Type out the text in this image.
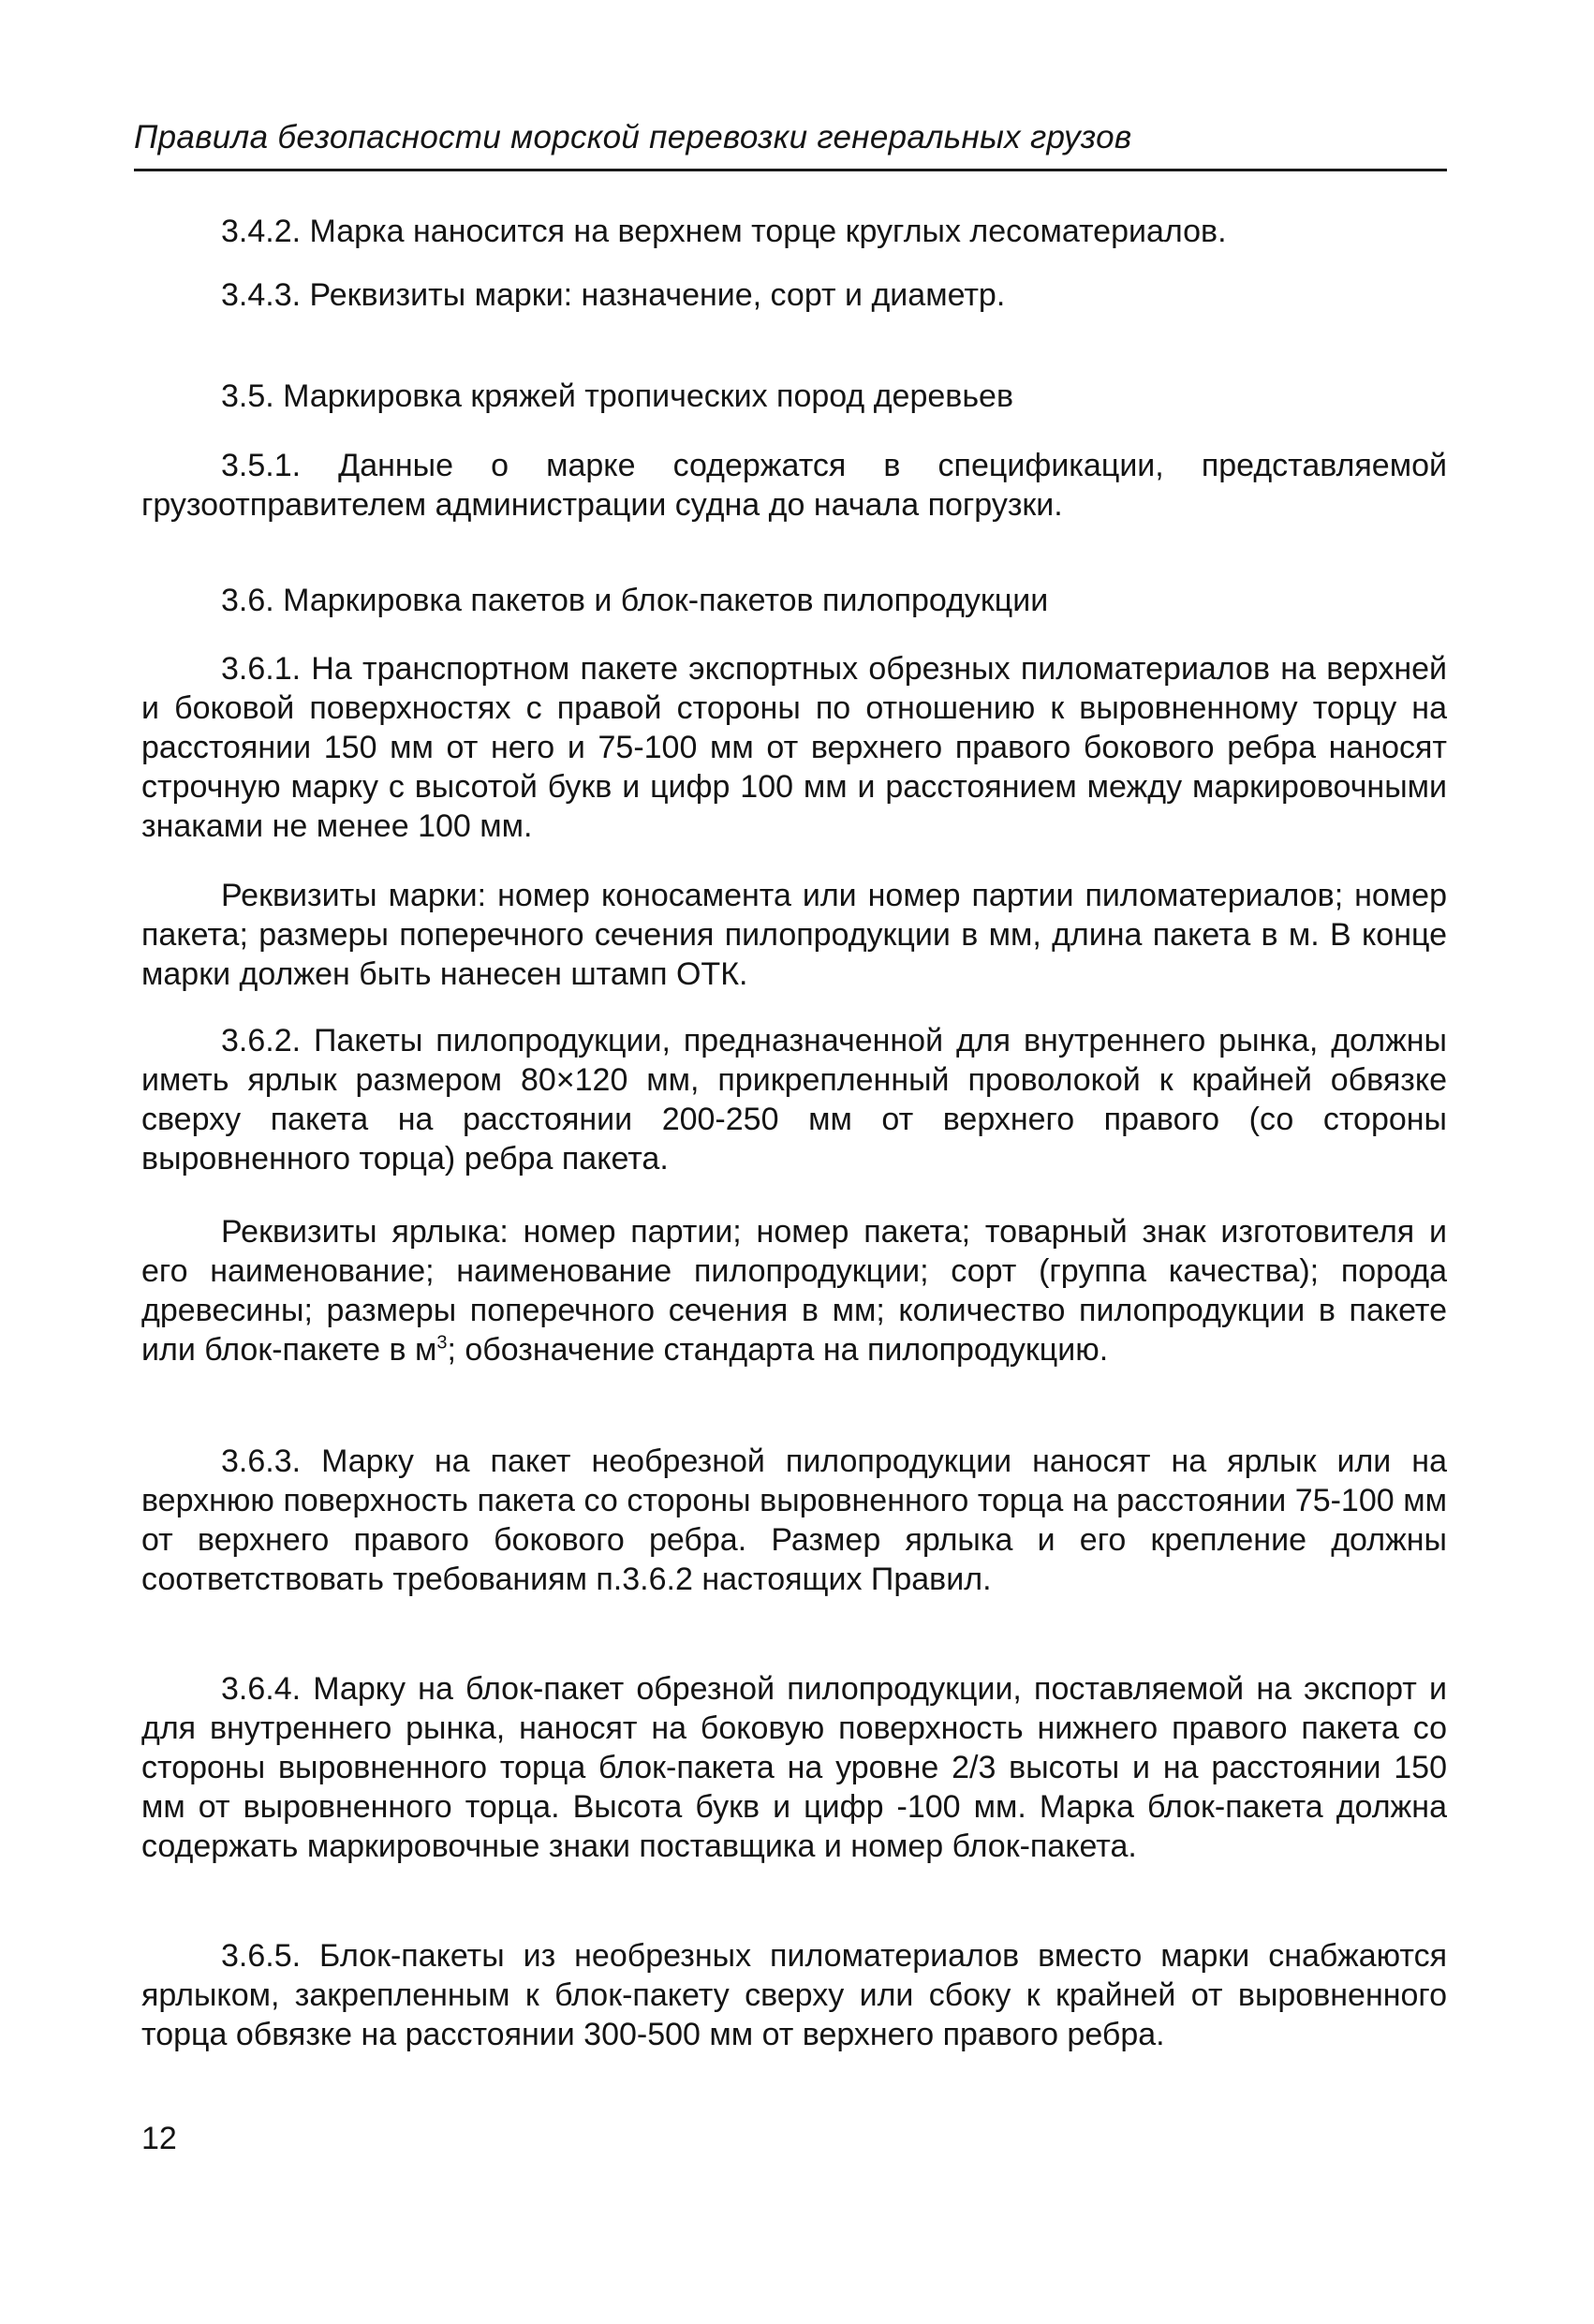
Правила безопасности морской перевозки генеральных грузов

3.4.2. Марка наносится на верхнем торце круглых лесоматериалов.

3.4.3. Реквизиты марки: назначение, сорт и диаметр.

3.5. Маркировка кряжей тропических пород деревьев

3.5.1. Данные о марке содержатся в спецификации, представляемой грузоотправителем администрации судна до начала погрузки.

3.6. Маркировка пакетов и блок-пакетов пилопродукции

3.6.1. На транспортном пакете экспортных обрезных пиломатериалов на верхней и боковой поверхностях с правой стороны по отношению к выровненному торцу на расстоянии 150 мм от него и 75-100 мм от верхнего правого бокового ребра наносят строчную марку с высотой букв и цифр 100 мм и расстоянием между маркировочными знаками не менее 100 мм.

Реквизиты марки: номер коносамента или номер партии пиломатериалов; номер пакета; размеры поперечного сечения пилопродукции в мм, длина пакета в м. В конце марки должен быть нанесен штамп ОТК.

3.6.2. Пакеты пилопродукции, предназначенной для внутреннего рынка, должны иметь ярлык размером 80×120 мм, прикрепленный проволокой к крайней обвязке сверху пакета на расстоянии 200-250 мм от верхнего правого (со стороны выровненного торца) ребра пакета.

Реквизиты ярлыка: номер партии; номер пакета; товарный знак изготовителя и его наименование; наименование пилопродукции; сорт (группа качества); порода древесины; размеры поперечного сечения в мм; количество пилопродукции в пакете или блок-пакете в $м^3$; обозначение стандарта на пилопродукцию.

3.6.3. Марку на пакет необрезной пилопродукции наносят на ярлык или на верхнюю поверхность пакета со стороны выровненного торца на расстоянии 75-100 мм от верхнего правого бокового ребра. Размер ярлыка и его крепление должны соответствовать требованиям п.3.6.2 настоящих Правил.

3.6.4. Марку на блок-пакет обрезной пилопродукции, поставляемой на экспорт и для внутреннего рынка, наносят на боковую поверхность нижнего правого пакета со стороны выровненного торца блок-пакета на уровне 2/3 высоты и на расстоянии 150 мм от выровненного торца. Высота букв и цифр -100 мм. Марка блок-пакета должна содержать маркировочные знаки поставщика и номер блок-пакета.

3.6.5. Блок-пакеты из необрезных пиломатериалов вместо марки снабжаются ярлыком, закрепленным к блок-пакету сверху или сбоку к крайней от выровненного торца обвязке на расстоянии 300-500 мм от верхнего правого ребра.

12
